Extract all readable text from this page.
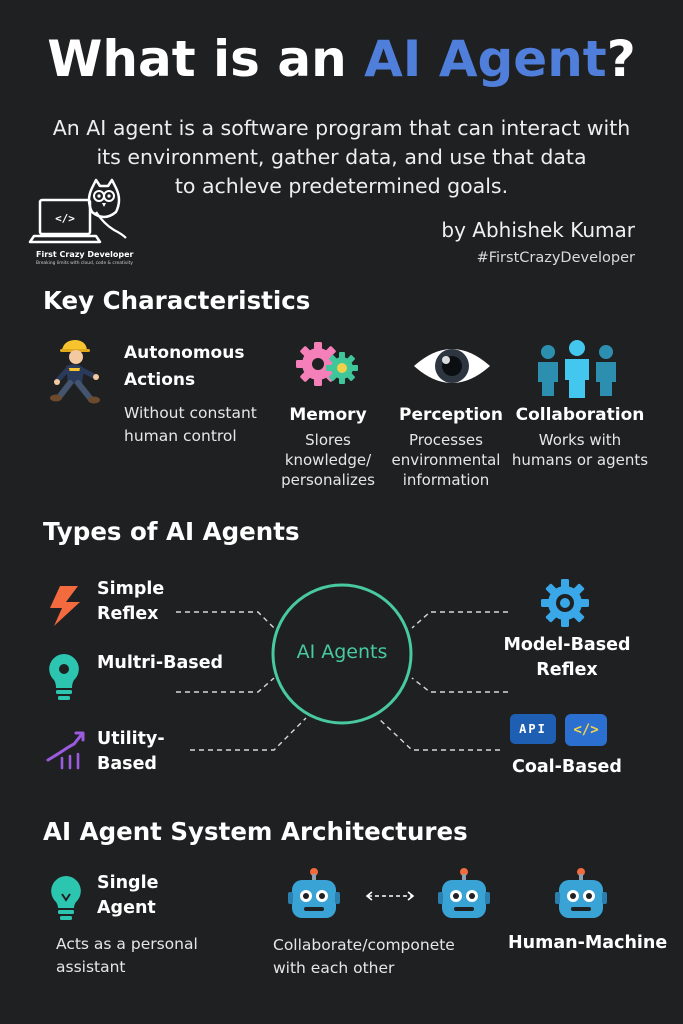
What is an AI Agent?
An AI agent is a software program that can interact with
its environment, gather data, and use that data
to achleve predetermined goals.
</>
First Crazy Developer
Breaking limits with cloud, code & creativity
by Abhishek Kumar
#FirstCrazyDeveloper
Key Characteristics
Autonomous
Actions
Without constant
human control
Memory
Slores
knowledge/
personalizes
Perception
Processes
environmental
information
Collaboration
Works with
humans or agents
Types of AI Agents
AI Agents
Simple
Reflex
Multri-Based
Utility-
Based
Model-Based
Reflex
API	</>
Coal-Based
AI Agent System Architectures
Single
Agent
Acts as a personal
assistant
Collaborate/componete
with each other
Human-Machine
